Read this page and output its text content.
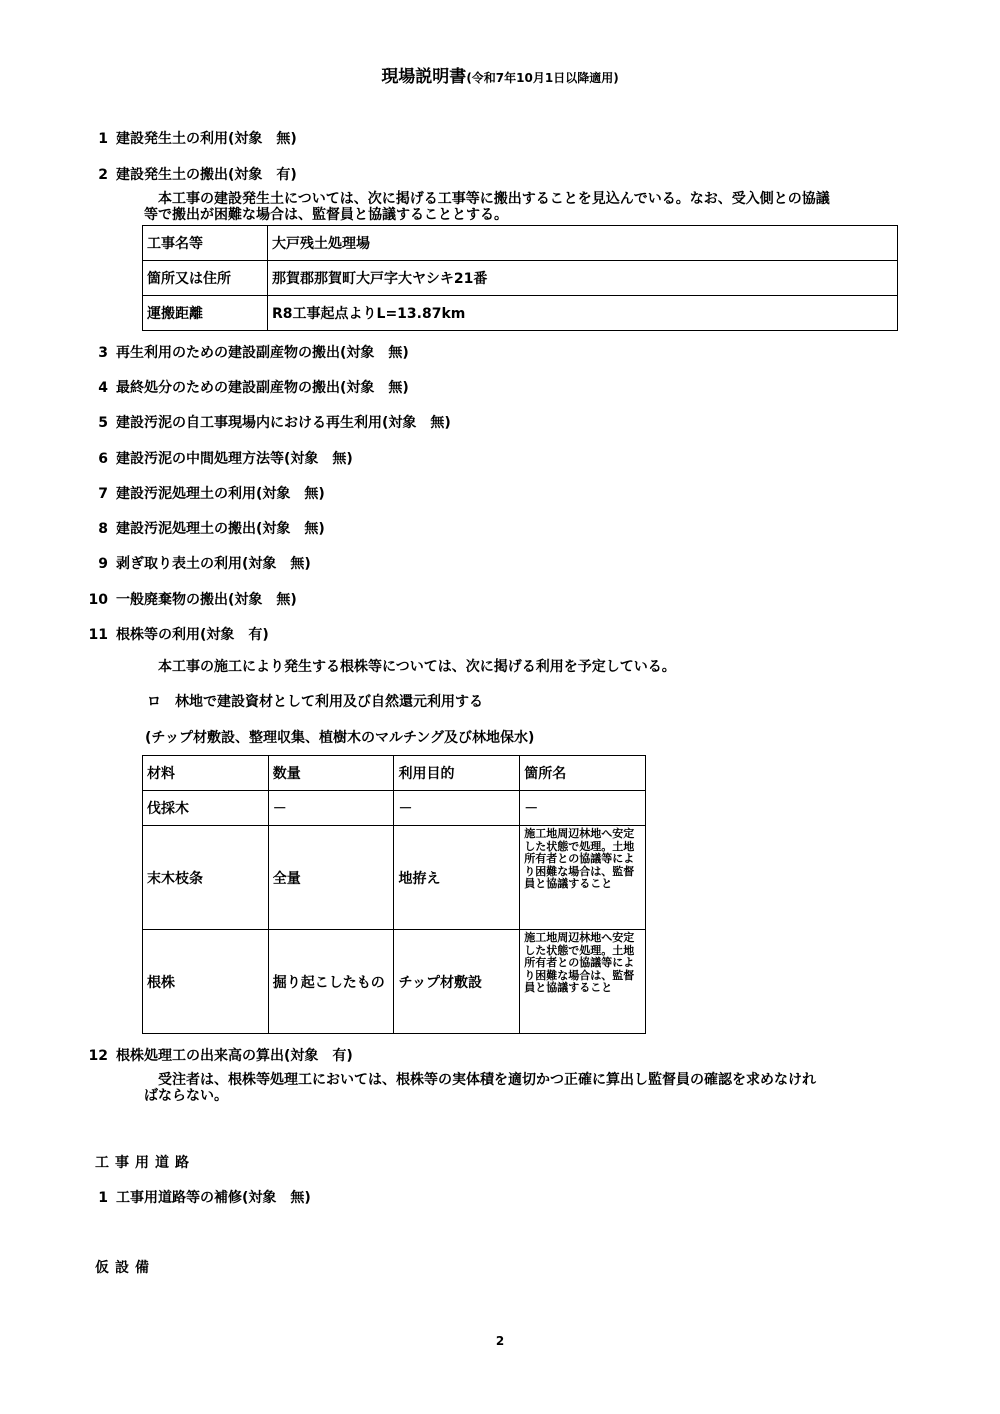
現場説明書(令和7年10月1日以降適用)
1 建設発生土の利用(対象　無)
2 建設発生土の搬出(対象　有)
本工事の建設発生土については、次に掲げる工事等に搬出することを見込んでいる。なお、受入側との協議
等で搬出が困難な場合は、監督員と協議することとする。
工事名等	大戸残土処理場
箇所又は住所	那賀郡那賀町大戸字大ヤシキ21番
運搬距離	R8工事起点よりL=13.87km
3 再生利用のための建設副産物の搬出(対象　無)
4 最終処分のための建設副産物の搬出(対象　無)
5 建設汚泥の自工事現場内における再生利用(対象　無)
6 建設汚泥の中間処理方法等(対象　無)
7 建設汚泥処理土の利用(対象　無)
8 建設汚泥処理土の搬出(対象　無)
9 剥ぎ取り表土の利用(対象　無)
10 一般廃棄物の搬出(対象　無)
11 根株等の利用(対象　有)
本工事の施工により発生する根株等については、次に掲げる利用を予定している。
ロ　林地で建設資材として利用及び自然還元利用する
(チップ材敷設、整理収集、植樹木のマルチング及び林地保水)
材料	数量	利用目的	箇所名
伐採木	－	－	－
末木枝条	全量	地拵え	施工地周辺林地へ安定した状態で処理。土地所有者との協議等により困難な場合は、監督員と協議すること
根株	掘り起こしたもの	チップ材敷設	施工地周辺林地へ安定した状態で処理。土地所有者との協議等により困難な場合は、監督員と協議すること
12 根株処理工の出来高の算出(対象　有)
受注者は、根株等処理工においては、根株等の実体積を適切かつ正確に算出し監督員の確認を求めなけれ
ばならない。
工事用道路
1 工事用道路等の補修(対象　無)
仮設備
2
